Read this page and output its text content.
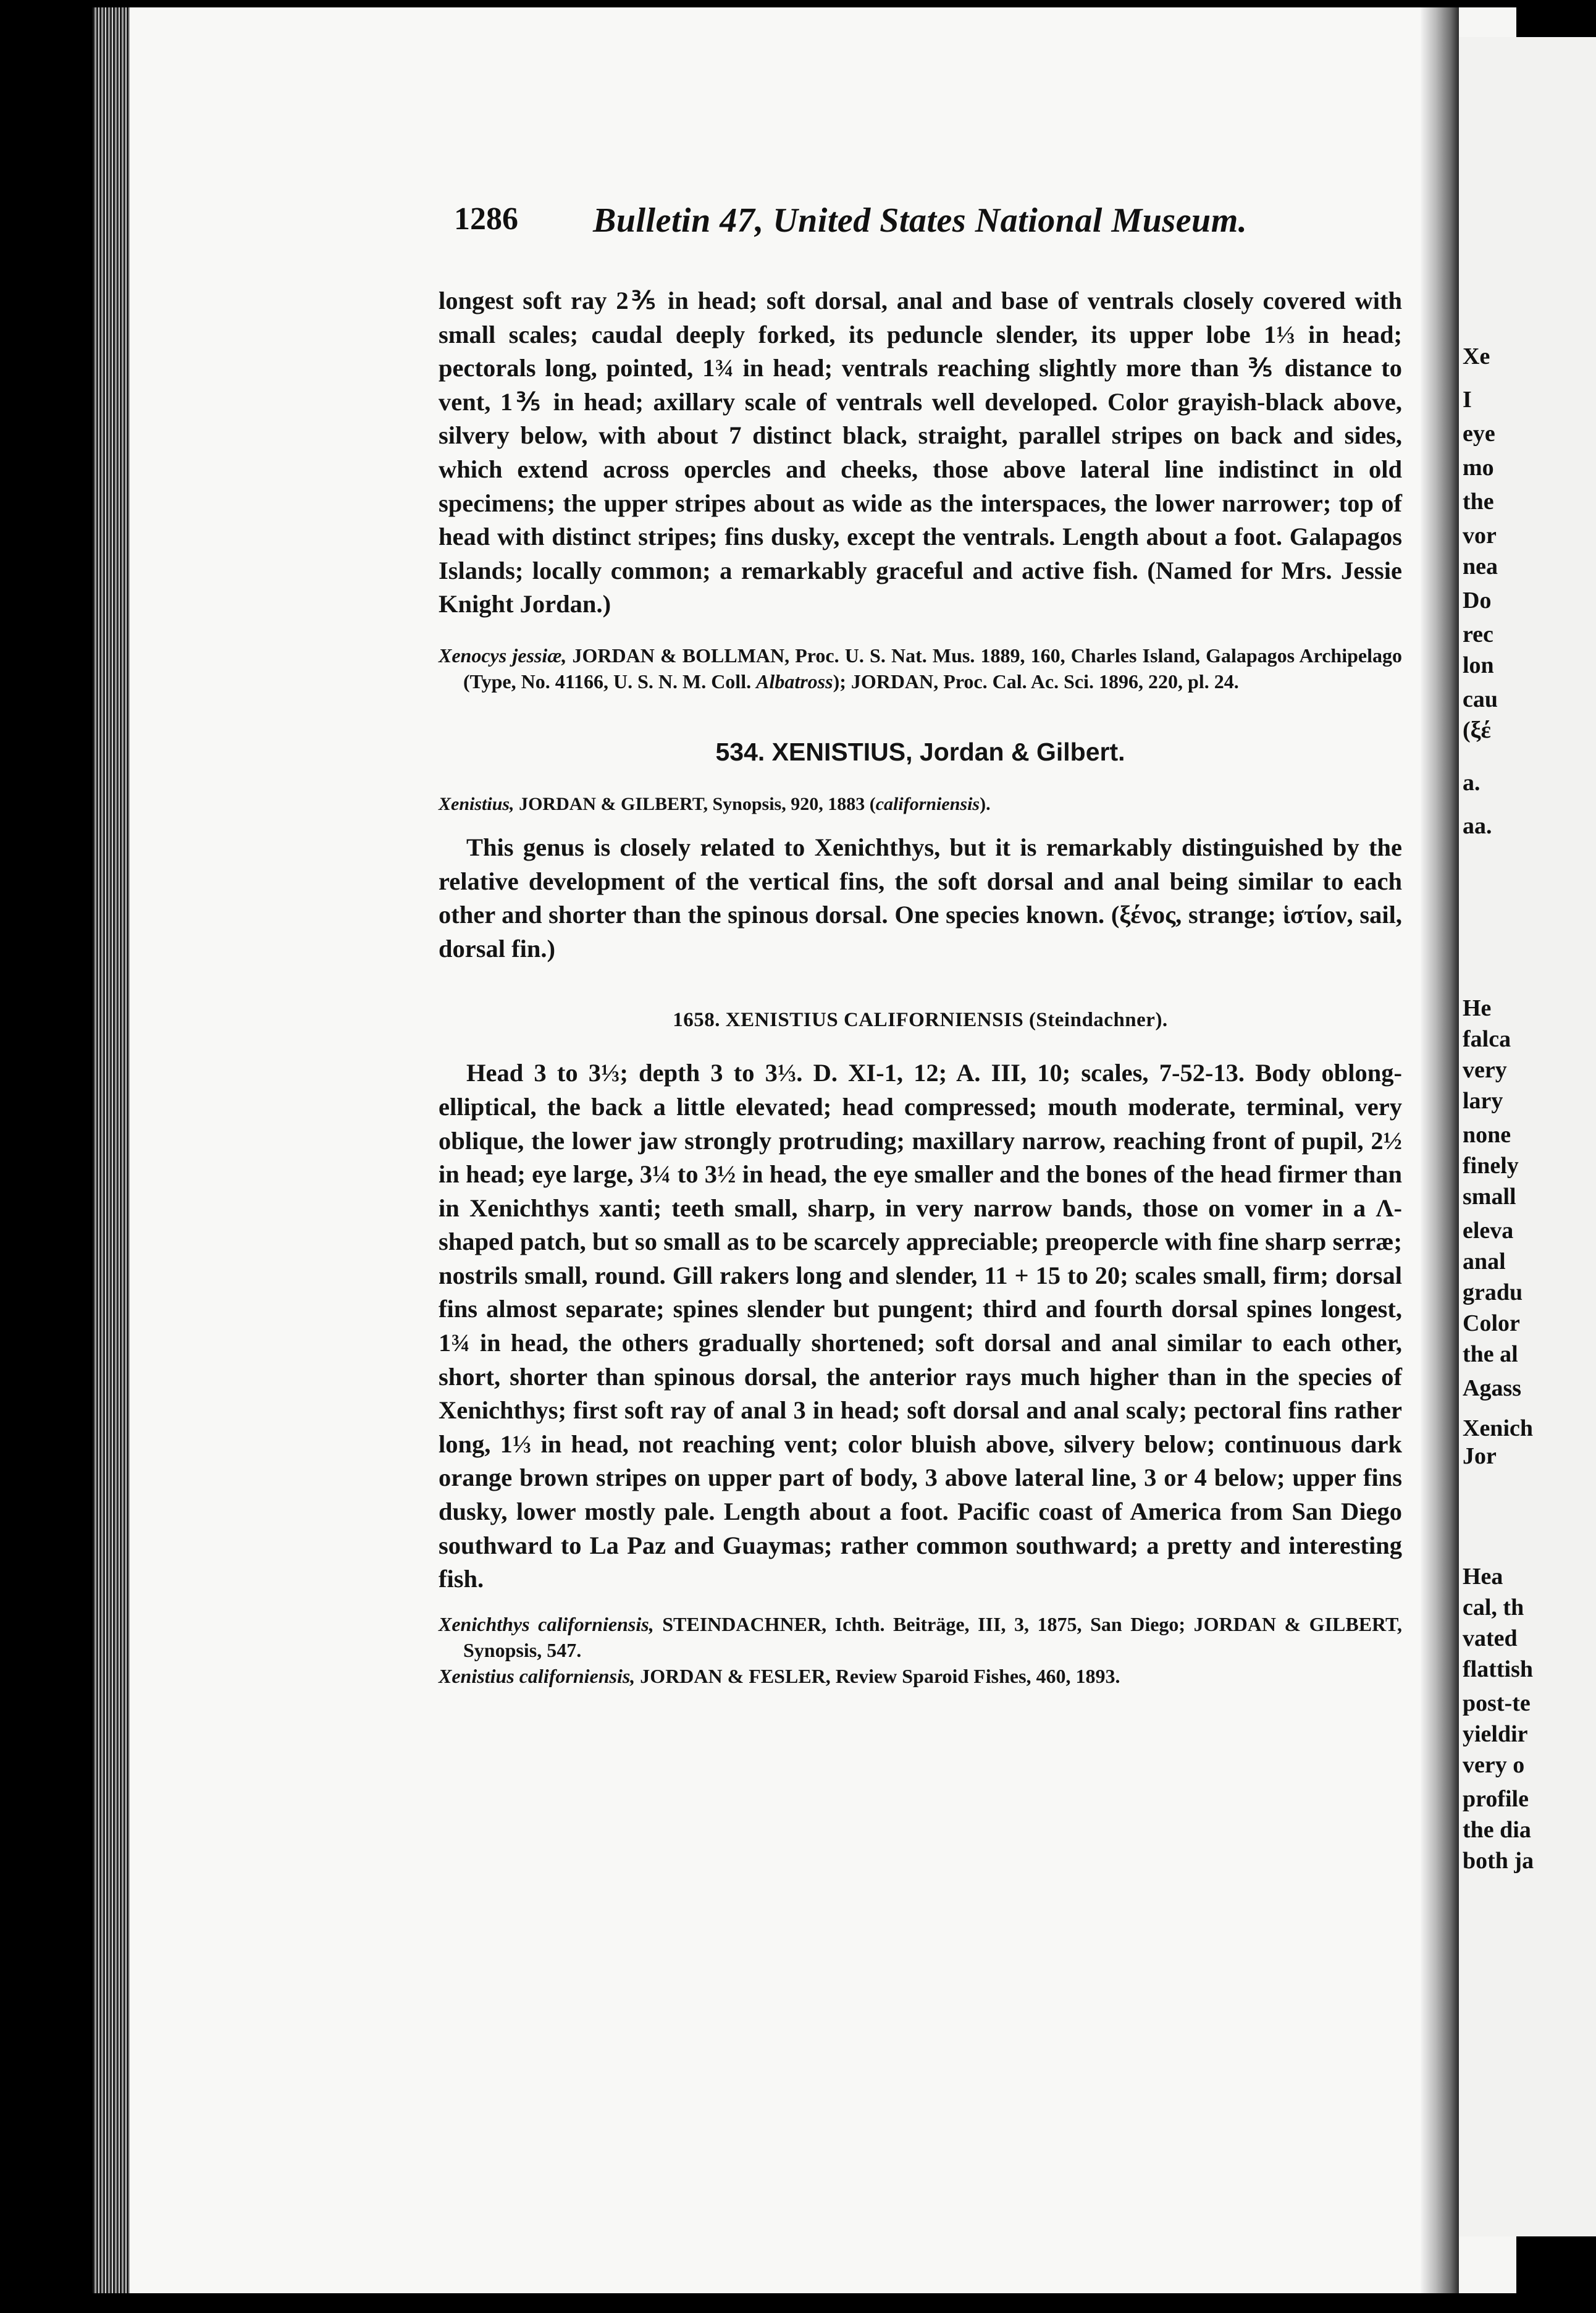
1286 Bulletin 47, United States National Museum.

longest soft ray 2⅗ in head; soft dorsal, anal and base of ventrals closely covered with small scales; caudal deeply forked, its peduncle slender, its upper lobe 1⅓ in head; pectorals long, pointed, 1¾ in head; ventrals reaching slightly more than ⅗ distance to vent, 1⅗ in head; axillary scale of ventrals well developed. Color grayish-black above, silvery below, with about 7 distinct black, straight, parallel stripes on back and sides, which extend across opercles and cheeks, those above lateral line indistinct in old specimens; the upper stripes about as wide as the interspaces, the lower narrower; top of head with distinct stripes; fins dusky, except the ventrals. Length about a foot. Galapagos Islands; locally common; a remarkably graceful and active fish. (Named for Mrs. Jessie Knight Jordan.)

Xenocys jessiæ, JORDAN & BOLLMAN, Proc. U. S. Nat. Mus. 1889, 160, Charles Island, Galapagos Archipelago (Type, No. 41166, U. S. N. M. Coll. Albatross); JORDAN, Proc. Cal. Ac. Sci. 1896, 220, pl. 24.

534. XENISTIUS, Jordan & Gilbert.

Xenistius, JORDAN & GILBERT, Synopsis, 920, 1883 (californiensis).

This genus is closely related to Xenichthys, but it is remarkably distinguished by the relative development of the vertical fins, the soft dorsal and anal being similar to each other and shorter than the spinous dorsal. One species known. (ξένος, strange; ἱστίον, sail, dorsal fin.)

1658. XENISTIUS CALIFORNIENSIS (Steindachner).

Head 3 to 3⅓; depth 3 to 3⅓. D. XI-1, 12; A. III, 10; scales, 7-52-13. Body oblong-elliptical, the back a little elevated; head compressed; mouth moderate, terminal, very oblique, the lower jaw strongly protruding; maxillary narrow, reaching front of pupil, 2½ in head; eye large, 3¼ to 3½ in head, the eye smaller and the bones of the head firmer than in Xenichthys xanti; teeth small, sharp, in very narrow bands, those on vomer in a Λ-shaped patch, but so small as to be scarcely appreciable; preopercle with fine sharp serræ; nostrils small, round. Gill rakers long and slender, 11 + 15 to 20; scales small, firm; dorsal fins almost separate; spines slender but pungent; third and fourth dorsal spines longest, 1¾ in head, the others gradually shortened; soft dorsal and anal similar to each other, short, shorter than spinous dorsal, the anterior rays much higher than in the species of Xenichthys; first soft ray of anal 3 in head; soft dorsal and anal scaly; pectoral fins rather long, 1⅓ in head, not reaching vent; color bluish above, silvery below; continuous dark orange brown stripes on upper part of body, 3 above lateral line, 3 or 4 below; upper fins dusky, lower mostly pale. Length about a foot. Pacific coast of America from San Diego southward to La Paz and Guaymas; rather common southward; a pretty and interesting fish.

Xenichthys californiensis, STEINDACHNER, Ichth. Beiträge, III, 3, 1875, San Diego; JORDAN & GILBERT, Synopsis, 547.

Xenistius californiensis, JORDAN & FESLER, Review Sparoid Fishes, 460, 1893.

Xe
I
eye
mo
the
vor
nea
Do
rec
lon
cau
(ξέ
a.
aa.
He
falca
very
lary
none
finely
small
eleva
anal
gradu
Color
the al
Agass
Xenich
Jor
Hea
cal, th
vated
flattish
post-te
yieldir
very o
profile
the dia
both ja
